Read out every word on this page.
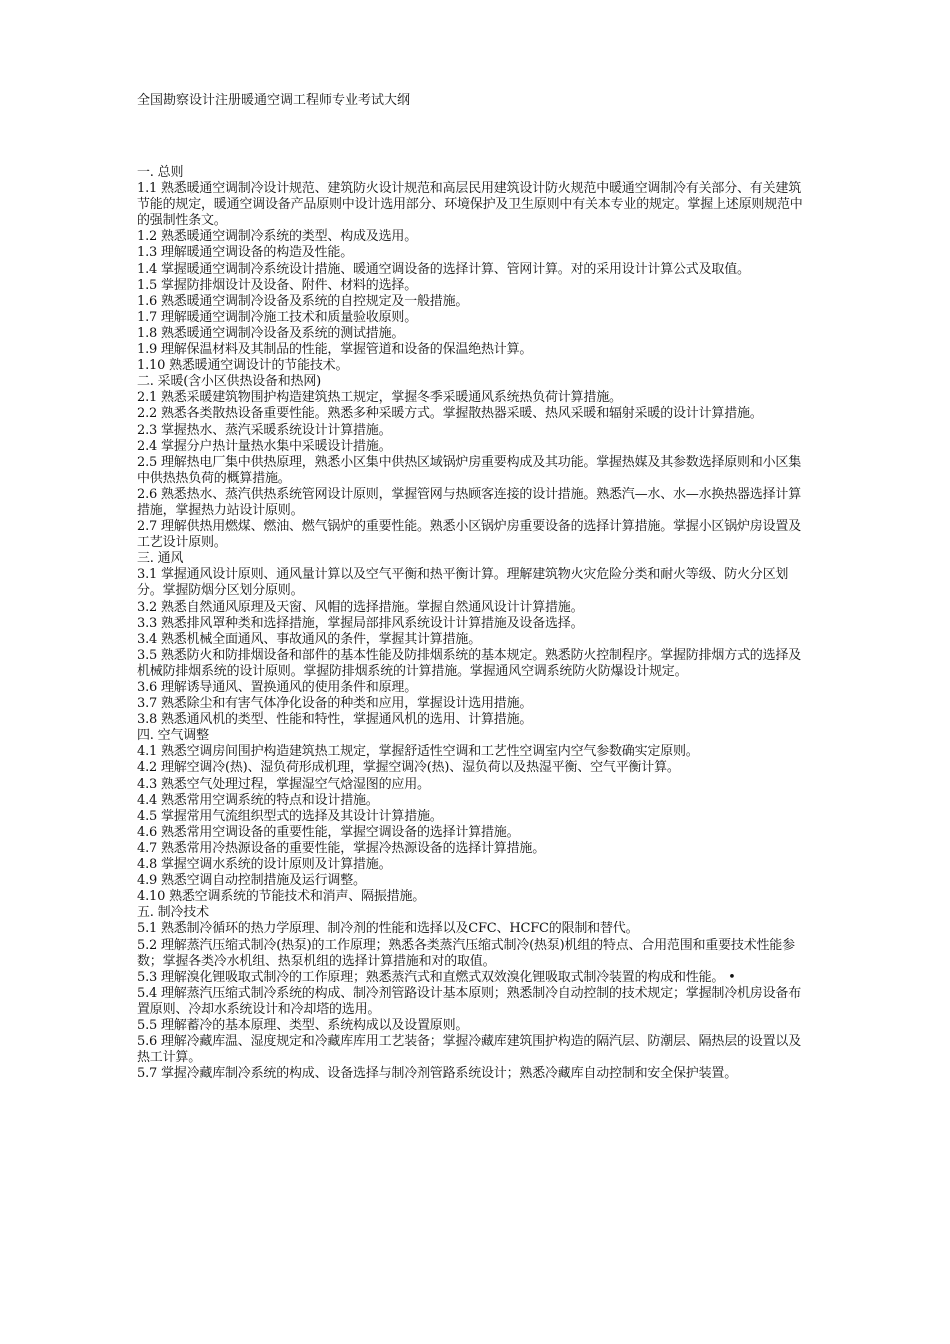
全国勘察设计注册暖通空调工程师专业考试大纲
一. 总则
1.1 熟悉暖通空调制冷设计规范、建筑防火设计规范和高层民用建筑设计防火规范中暖通空调制冷有关部分、有关建筑节能的规定，暖通空调设备产品原则中设计选用部分、环境保护及卫生原则中有关本专业的规定。掌握上述原则规范中的强制性条文。
1.2 熟悉暖通空调制冷系统的类型、构成及选用。
1.3 理解暖通空调设备的构造及性能。
1.4 掌握暖通空调制冷系统设计措施、暖通空调设备的选择计算、管网计算。对的采用设计计算公式及取值。
1.5 掌握防排烟设计及设备、附件、材料的选择。
1.6 熟悉暖通空调制冷设备及系统的自控规定及一般措施。
1.7 理解暖通空调制冷施工技术和质量验收原则。
1.8 熟悉暖通空调制冷设备及系统的测试措施。
1.9 理解保温材料及其制品的性能，掌握管道和设备的保温绝热计算。
1.10 熟悉暖通空调设计的节能技术。
二. 采暖(含小区供热设备和热网)
2.1 熟悉采暖建筑物围护构造建筑热工规定，掌握冬季采暖通风系统热负荷计算措施。
2.2 熟悉各类散热设备重要性能。熟悉多种采暖方式。掌握散热器采暖、热风采暖和辐射采暖的设计计算措施。
2.3 掌握热水、蒸汽采暖系统设计计算措施。
2.4 掌握分户热计量热水集中采暖设计措施。
2.5 理解热电厂集中供热原理，熟悉小区集中供热区域锅炉房重要构成及其功能。掌握热媒及其参数选择原则和小区集中供热热负荷的概算措施。
2.6 熟悉热水、蒸汽供热系统管网设计原则，掌握管网与热顾客连接的设计措施。熟悉汽—水、水—水换热器选择计算措施，掌握热力站设计原则。
2.7 理解供热用燃煤、燃油、燃气锅炉的重要性能。熟悉小区锅炉房重要设备的选择计算措施。掌握小区锅炉房设置及工艺设计原则。
三. 通风
3.1 掌握通风设计原则、通风量计算以及空气平衡和热平衡计算。理解建筑物火灾危险分类和耐火等级、防火分区划分。掌握防烟分区划分原则。
3.2 熟悉自然通风原理及天窗、风帽的选择措施。掌握自然通风设计计算措施。
3.3 熟悉排风罩种类和选择措施，掌握局部排风系统设计计算措施及设备选择。
3.4 熟悉机械全面通风、事故通风的条件，掌握其计算措施。
3.5 熟悉防火和防排烟设备和部件的基本性能及防排烟系统的基本规定。熟悉防火控制程序。掌握防排烟方式的选择及机械防排烟系统的设计原则。掌握防排烟系统的计算措施。掌握通风空调系统防火防爆设计规定。
3.6 理解诱导通风、置换通风的使用条件和原理。
3.7 熟悉除尘和有害气体净化设备的种类和应用，掌握设计选用措施。
3.8 熟悉通风机的类型、性能和特性，掌握通风机的选用、计算措施。
四. 空气调整
4.1 熟悉空调房间围护构造建筑热工规定，掌握舒适性空调和工艺性空调室内空气参数确实定原则。
4.2 理解空调冷(热)、湿负荷形成机理，掌握空调冷(热)、湿负荷以及热湿平衡、空气平衡计算。
4.3 熟悉空气处理过程，掌握湿空气焓湿图的应用。
4.4 熟悉常用空调系统的特点和设计措施。
4.5 掌握常用气流组织型式的选择及其设计计算措施。
4.6 熟悉常用空调设备的重要性能，掌握空调设备的选择计算措施。
4.7 熟悉常用冷热源设备的重要性能，掌握冷热源设备的选择计算措施。
4.8 掌握空调水系统的设计原则及计算措施。
4.9 熟悉空调自动控制措施及运行调整。
4.10 熟悉空调系统的节能技术和消声、隔振措施。
五. 制冷技术
5.1 熟悉制冷循环的热力学原理、制冷剂的性能和选择以及CFC、HCFC的限制和替代。
5.2 理解蒸汽压缩式制冷(热泵)的工作原理；熟悉各类蒸汽压缩式制冷(热泵)机组的特点、合用范围和重要技术性能参数；掌握各类冷水机组、热泵机组的选择计算措施和对的取值。
5.3 理解溴化锂吸取式制冷的工作原理；熟悉蒸汽式和直燃式双效溴化锂吸取式制冷装置的构成和性能。 •
5.4 理解蒸汽压缩式制冷系统的构成、制冷剂管路设计基本原则；熟悉制冷自动控制的技术规定；掌握制冷机房设备布置原则、冷却水系统设计和冷却塔的选用。
5.5 理解蓄冷的基本原理、类型、系统构成以及设置原则。
5.6 理解冷藏库温、湿度规定和冷藏库库用工艺装备；掌握冷藏库建筑围护构造的隔汽层、防潮层、隔热层的设置以及热工计算。
5.7 掌握冷藏库制冷系统的构成、设备选择与制冷剂管路系统设计；熟悉冷藏库自动控制和安全保护装置。
